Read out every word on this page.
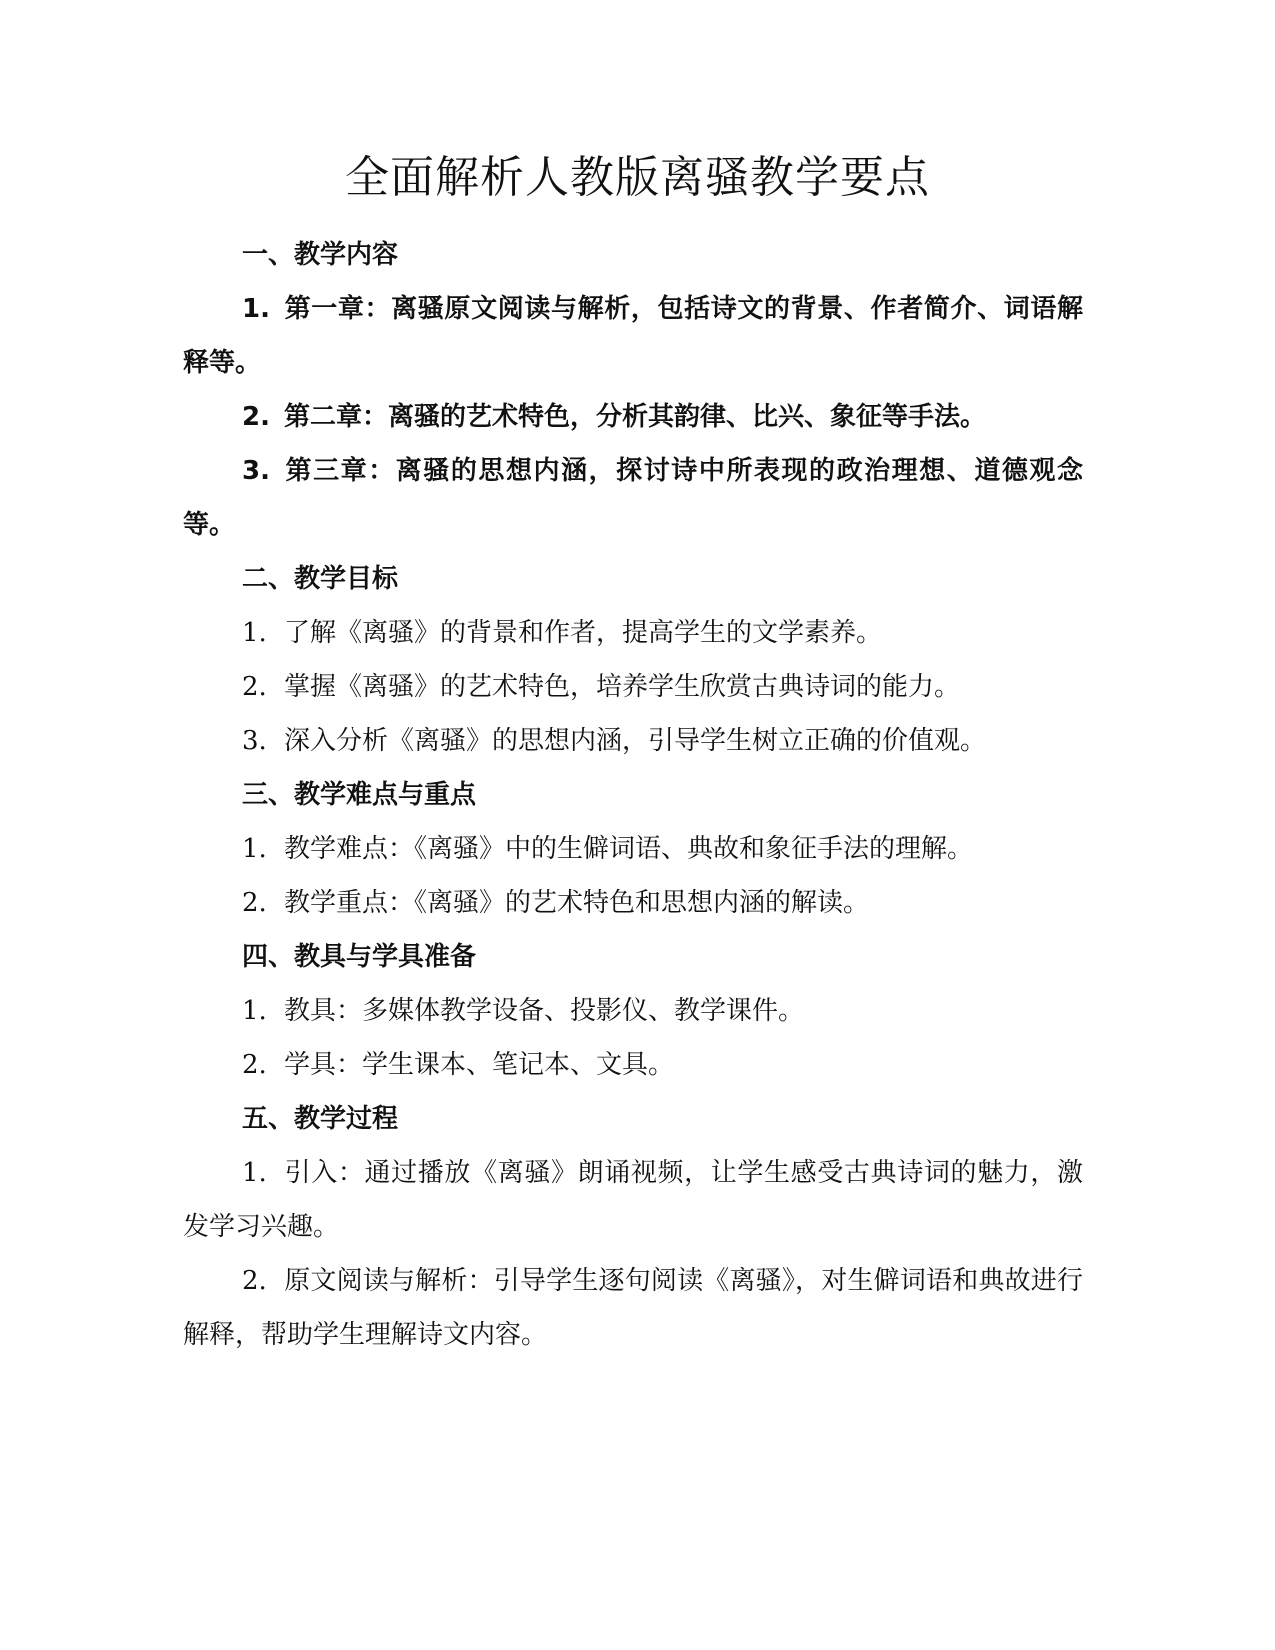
全面解析人教版离骚教学要点

一、教学内容

1. 第一章：离骚原文阅读与解析，包括诗文的背景、作者简介、词语解释等。

2. 第二章：离骚的艺术特色，分析其韵律、比兴、象征等手法。

3. 第三章：离骚的思想内涵，探讨诗中所表现的政治理想、道德观念等。

二、教学目标

1. 了解《离骚》的背景和作者，提高学生的文学素养。

2. 掌握《离骚》的艺术特色，培养学生欣赏古典诗词的能力。

3. 深入分析《离骚》的思想内涵，引导学生树立正确的价值观。

三、教学难点与重点

1. 教学难点：《离骚》中的生僻词语、典故和象征手法的理解。

2. 教学重点：《离骚》的艺术特色和思想内涵的解读。

四、教具与学具准备

1. 教具：多媒体教学设备、投影仪、教学课件。

2. 学具：学生课本、笔记本、文具。

五、教学过程

1. 引入：通过播放《离骚》朗诵视频，让学生感受古典诗词的魅力，激发学习兴趣。

2. 原文阅读与解析：引导学生逐句阅读《离骚》，对生僻词语和典故进行解释，帮助学生理解诗文内容。
